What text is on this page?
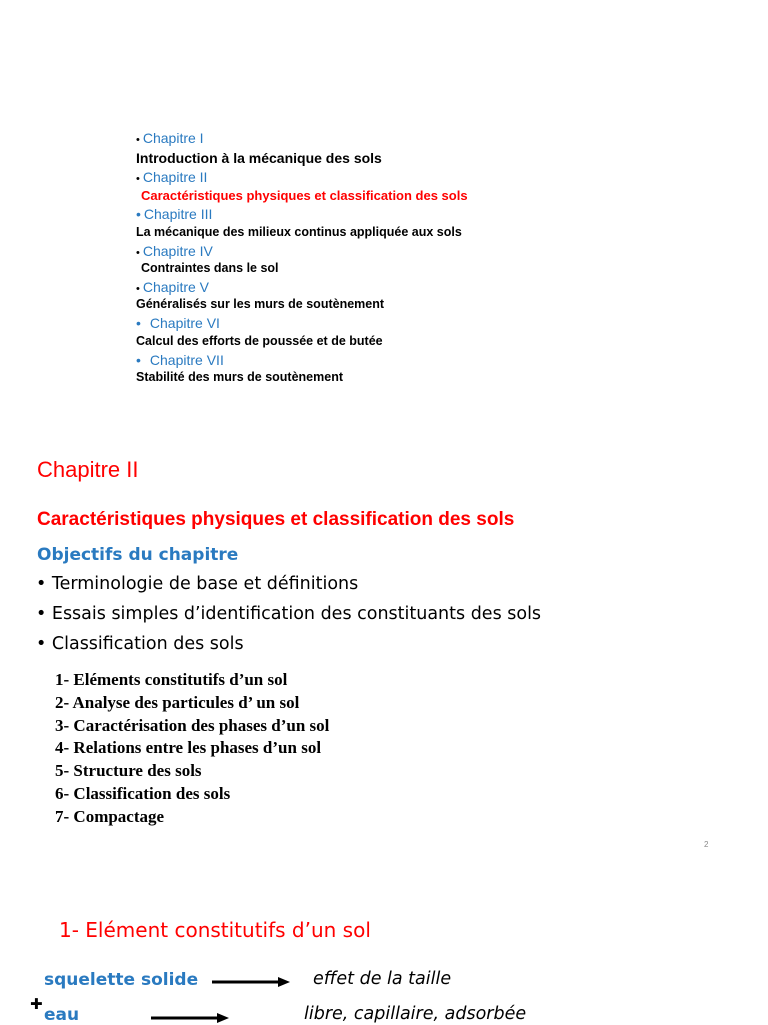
• Chapitre I
Introduction à la mécanique des sols
• Chapitre II
Caractéristiques physiques et classification des sols
• Chapitre III
La mécanique des milieux continus appliquée aux sols
• Chapitre IV
Contraintes dans le sol
• Chapitre V
Généralisés sur les murs de soutènement
• Chapitre VI
Calcul des efforts de poussée et de butée
• Chapitre VII
Stabilité des murs de soutènement
Chapitre II
Caractéristiques physiques et classification des sols
Objectifs du chapitre
• Terminologie de base et définitions
• Essais simples d’identification des constituants des sols
• Classification des sols
1- Eléments constitutifs d’un sol
2- Analyse des particules d’ un sol
3- Caractérisation des phases d’un sol
4- Relations entre les phases d’un sol
5- Structure des sols
6- Classification des sols
7- Compactage
2
1- Elément constitutifs d’un sol
squelette solide	effet de la taille
✚
eau	libre, capillaire, adsorbée
